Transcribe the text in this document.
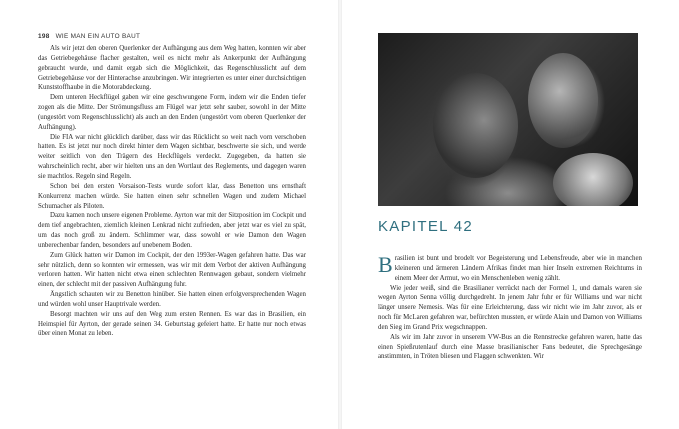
198 WIE MAN EIN AUTO BAUT

Als wir jetzt den oberen Querlenker der Aufhängung aus dem Weg hatten, konnten wir aber das Getriebegehäuse flacher gestalten, weil es nicht mehr als Ankerpunkt der Aufhängung gebraucht wurde, und damit ergab sich die Möglichkeit, das Regenschlusslicht auf dem Getriebegehäuse vor der Hinterachse anzubringen. Wir integrierten es unter einer durchsichtigen Kunststoffhaube in die Motorabdeckung.

Dem unteren Heckflügel gaben wir eine geschwungene Form, indem wir die Enden tiefer zogen als die Mitte. Der Strömungsfluss am Flügel war jetzt sehr sauber, sowohl in der Mitte (ungestört vom Regenschlusslicht) als auch an den Enden (ungestört vom oberen Querlenker der Aufhängung).

Die FIA war nicht glücklich darüber, dass wir das Rücklicht so weit nach vorn verschoben hatten. Es ist jetzt nur noch direkt hinter dem Wagen sichtbar, beschwerte sie sich, und werde weiter seitlich von den Trägern des Heckflügels verdeckt. Zugegeben, da hatten sie wahrscheinlich recht, aber wir hielten uns an den Wortlaut des Reglements, und dagegen waren sie machtlos. Regeln sind Regeln.

Schon bei den ersten Vorsaison-Tests wurde sofort klar, dass Benetton uns ernsthaft Konkurrenz machen würde. Sie hatten einen sehr schnellen Wagen und zudem Michael Schumacher als Piloten.

Dazu kamen noch unsere eigenen Probleme. Ayrton war mit der Sitzposition im Cockpit und dem tief angebrachten, ziemlich kleinen Lenkrad nicht zufrieden, aber jetzt war es viel zu spät, um das noch groß zu ändern. Schlimmer war, dass sowohl er wie Damon den Wagen unberechenbar fanden, besonders auf unebenem Boden.

Zum Glück hatten wir Damon im Cockpit, der den 1993er-Wagen gefahren hatte. Das war sehr nützlich, denn so konnten wir ermessen, was wir mit dem Verbot der aktiven Aufhängung verloren hatten. Wir hatten nicht etwa einen schlechten Rennwagen gebaut, sondern vielmehr einen, der schlecht mit der passiven Aufhängung fuhr.

Ängstlich schauten wir zu Benetton hinüber. Sie hatten einen erfolgversprechenden Wagen und würden wohl unser Hauptrivale werden.

Besorgt machten wir uns auf den Weg zum ersten Rennen. Es war das in Brasilien, ein Heimspiel für Ayrton, der gerade seinen 34. Geburtstag gefeiert hatte. Er hatte nur noch etwas über einen Monat zu leben.

KAPITEL 42

Brasilien ist bunt und brodelt vor Begeisterung und Lebensfreude, aber wie in manchen kleineren und ärmeren Ländern Afrikas findet man hier Inseln extremen Reichtums in einem Meer der Armut, wo ein Menschenleben wenig zählt.

Wie jeder weiß, sind die Brasilianer verrückt nach der Formel 1, und damals waren sie wegen Ayrton Senna völlig durchgedreht. In jenem Jahr fuhr er für Williams und war nicht länger unsere Nemesis. Was für eine Erleichterung, dass wir nicht wie im Jahr zuvor, als er noch für McLaren gefahren war, befürchten mussten, er würde Alain und Damon von Williams den Sieg im Grand Prix wegschnappen.

Als wir im Jahr zuvor in unserem VW-Bus an die Rennstrecke gefahren waren, hatte das einen Spießrutenlauf durch eine Masse brasilianischer Fans bedeutet, die Sprechgesänge anstimmten, in Tröten bliesen und Flaggen schwenkten. Wir
